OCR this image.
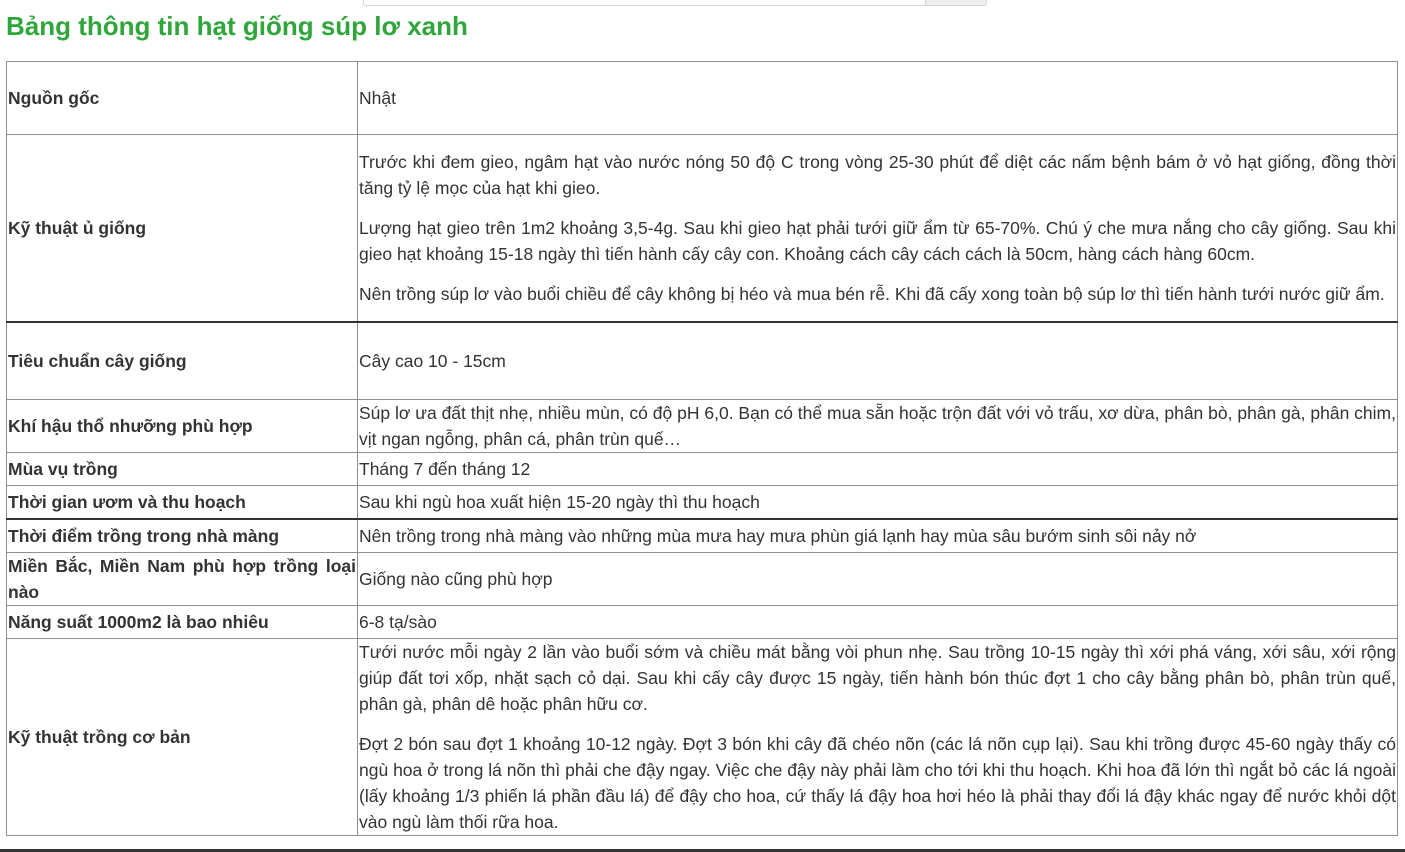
Bảng thông tin hạt giống súp lơ xanh
Nguồn gốc	Nhật

Kỹ thuật ủ giống	Trước khi đem gieo, ngâm hạt vào nước nóng 50 độ C trong vòng 25-30 phút để diệt các nấm bệnh bám ở vỏ hạt giống, đồng thời tăng tỷ lệ mọc của hạt khi gieo.

Lượng hạt gieo trên 1m2 khoảng 3,5-4g. Sau khi gieo hạt phải tưới giữ ẩm từ 65-70%. Chú ý che mưa nắng cho cây giống. Sau khi gieo hạt khoảng 15-18 ngày thì tiến hành cấy cây con. Khoảng cách cây cách cách là 50cm, hàng cách hàng 60cm.

Nên trồng súp lơ vào buổi chiều để cây không bị héo và mua bén rễ. Khi đã cấy xong toàn bộ súp lơ thì tiến hành tưới nước giữ ẩm.

Tiêu chuẩn cây giống	Cây cao 10 - 15cm

Khí hậu thổ nhưỡng phù hợp	Súp lơ ưa đất thịt nhẹ, nhiều mùn, có độ pH 6,0. Bạn có thể mua sẵn hoặc trộn đất với vỏ trấu, xơ dừa, phân bò, phân gà, phân chim, vịt ngan ngỗng, phân cá, phân trùn quế…

Mùa vụ trồng	Tháng 7 đến tháng 12

Thời gian ươm và thu hoạch	Sau khi ngù hoa xuất hiện 15-20 ngày thì thu hoạch

Thời điểm trồng trong nhà màng	Nên trồng trong nhà màng vào những mùa mưa hay mưa phùn giá lạnh hay mùa sâu bướm sinh sôi nảy nở

Miền Bắc, Miền Nam phù hợp trồng loại nào	Giống nào cũng phù hợp

Năng suất 1000m2 là bao nhiêu	6-8 tạ/sào

Kỹ thuật trồng cơ bản	Tưới nước mỗi ngày 2 lần vào buổi sớm và chiều mát bằng vòi phun nhẹ. Sau trồng 10-15 ngày thì xới phá váng, xới sâu, xới rộng giúp đất tơi xốp, nhặt sạch cỏ dại. Sau khi cấy cây được 15 ngày, tiến hành bón thúc đợt 1 cho cây bằng phân bò, phân trùn quế, phân gà, phân dê hoặc phân hữu cơ.

Đợt 2 bón sau đợt 1 khoảng 10-12 ngày. Đợt 3 bón khi cây đã chéo nõn (các lá nõn cụp lại). Sau khi trồng được 45-60 ngày thấy có ngù hoa ở trong lá nõn thì phải che đậy ngay. Việc che đậy này phải làm cho tới khi thu hoạch. Khi hoa đã lớn thì ngắt bỏ các lá ngoài (lấy khoảng 1/3 phiến lá phần đầu lá) để đậy cho hoa, cứ thấy lá đậy hoa hơi héo là phải thay đổi lá đậy khác ngay để nước khỏi dột vào ngù làm thối rữa hoa.
